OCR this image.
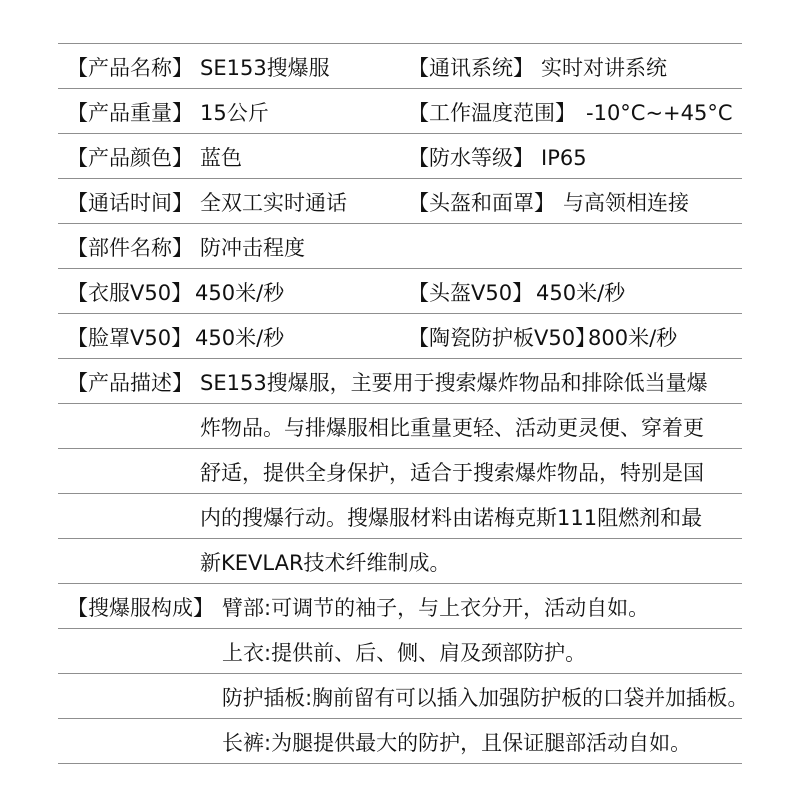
【产品名称】 SE153搜爆服
【产品重量】 15公斤
【产品颜色】 蓝色
【通话时间】 全双工实时通话
【部件名称】 防冲击程度
【衣服V50】 450米/秒
【脸罩V50】 450米/秒
【通讯系统】 实时对讲系统
【工作温度范围】 -10°C~+45°C
【防水等级】 IP65
【头盔和面罩】 与高领相连接
【头盔V50】 450米/秒
【陶瓷防护板V50】
800米/秒
【产品描述】 SE153搜爆服，主要用于搜索爆炸物品和排除低当量爆
炸物品。与排爆服相比重量更轻、活动更灵便、穿着更
舒适，提供全身保护，适合于搜索爆炸物品，特别是国
内的搜爆行动。搜爆服材料由诺梅克斯111阻燃剂和最
新KEVLAR技术纤维制成。
【搜爆服构成】 臂部:可调节的袖子，与上衣分开，活动自如。
上衣:提供前、后、侧、肩及颈部防护。
防护插板:胸前留有可以插入加强防护板的口袋并加插板。
长裤:为腿提供最大的防护，且保证腿部活动自如。
